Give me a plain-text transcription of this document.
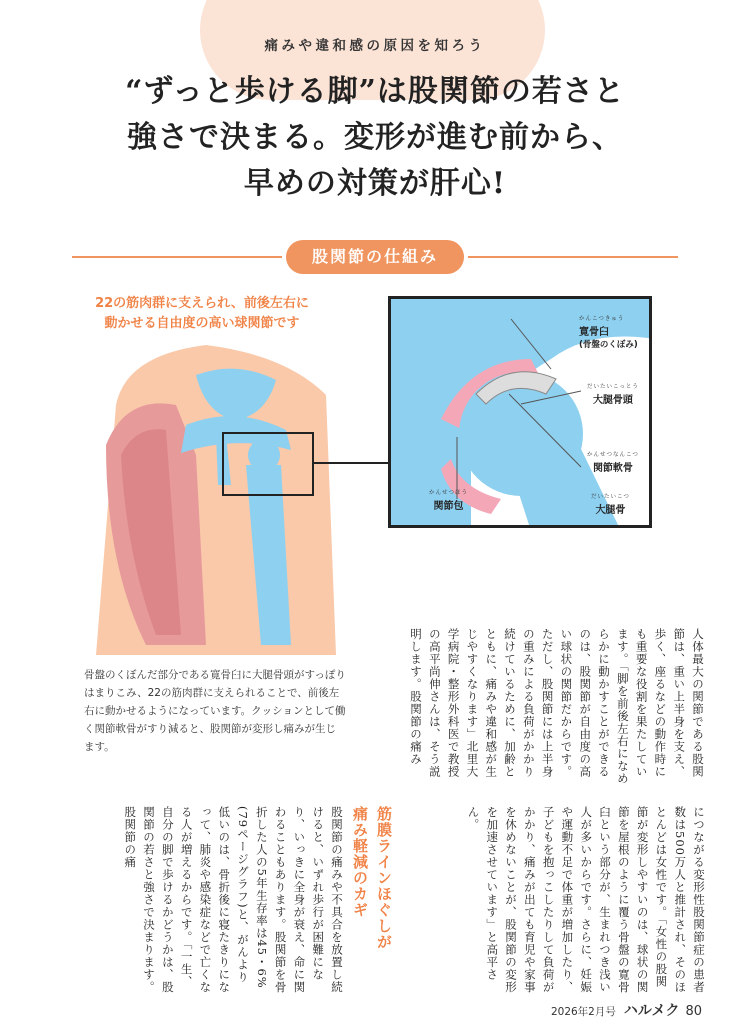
痛みや違和感の原因を知ろう
“ずっと歩ける脚”は股関節の若さと
強さで決まる。変形が進む前から、
早めの対策が肝心!
股関節の仕組み
22の筋肉群に支えられ、前後左右に
動かせる自由度の高い球関節です	かんこつきゅう
寛骨臼
(骨盤のくぼみ)
だいたいこっとう
大腿骨頭
かんせつなんこつ
関節軟骨
かんせつほう
関節包
だいたいこつ
大腿骨
骨盤のくぼんだ部分である寛骨臼に大腿骨頭がすっぽりはまりこみ、22の筋肉群に支えられることで、前後左右に動かせるようになっています。クッションとして働く関節軟骨がすり減ると、股関節が変形し痛みが生じます。	人体最大の関節である股関節は、重い上半身を支え、歩く、座るなどの動作時にも重要な役割を果たしています。「脚を前後左右になめらかに動かすことができるのは、股関節が自由度の高い球状の関節だからです。ただし、股関節には上半身の重みによる負荷がかかり続けているために、加齢とともに、痛みや違和感が生じやすくなります」北里大学病院・整形外科医で教授の高平尚伸さんは、そう説明します。股関節の痛み
につながる変形性股関節症の患者数は500万人と推計され、そのほとんどは女性です。「女性の股関節が変形しやすいのは、球状の関節を屋根のように覆う骨盤の寛骨臼という部分が、生まれつき浅い人が多いからです。さらに、妊娠や運動不足で体重が増加したり、子どもを抱っこしたりして負荷がかかり、痛みが出ても育児や家事を休めないことが、股関節の変形を加速させています」と高平さん。
筋膜ラインほぐしが
痛み軽減のカギ
股関節の痛みや不具合を放置し続けると、いずれ歩行が困難になり、いっきに全身が衰え、命に関わることもあります。股関節を骨折した人の5年生存率は45・6%(79ページグラフ)と、がんより低いのは、骨折後に寝たきりになって、肺炎や感染症などで亡くなる人が増えるからです。「一生、自分の脚で歩けるかどうかは、股関節の若さと強さで決まります。股関節の痛
2026年2月号 ハルメク 80
